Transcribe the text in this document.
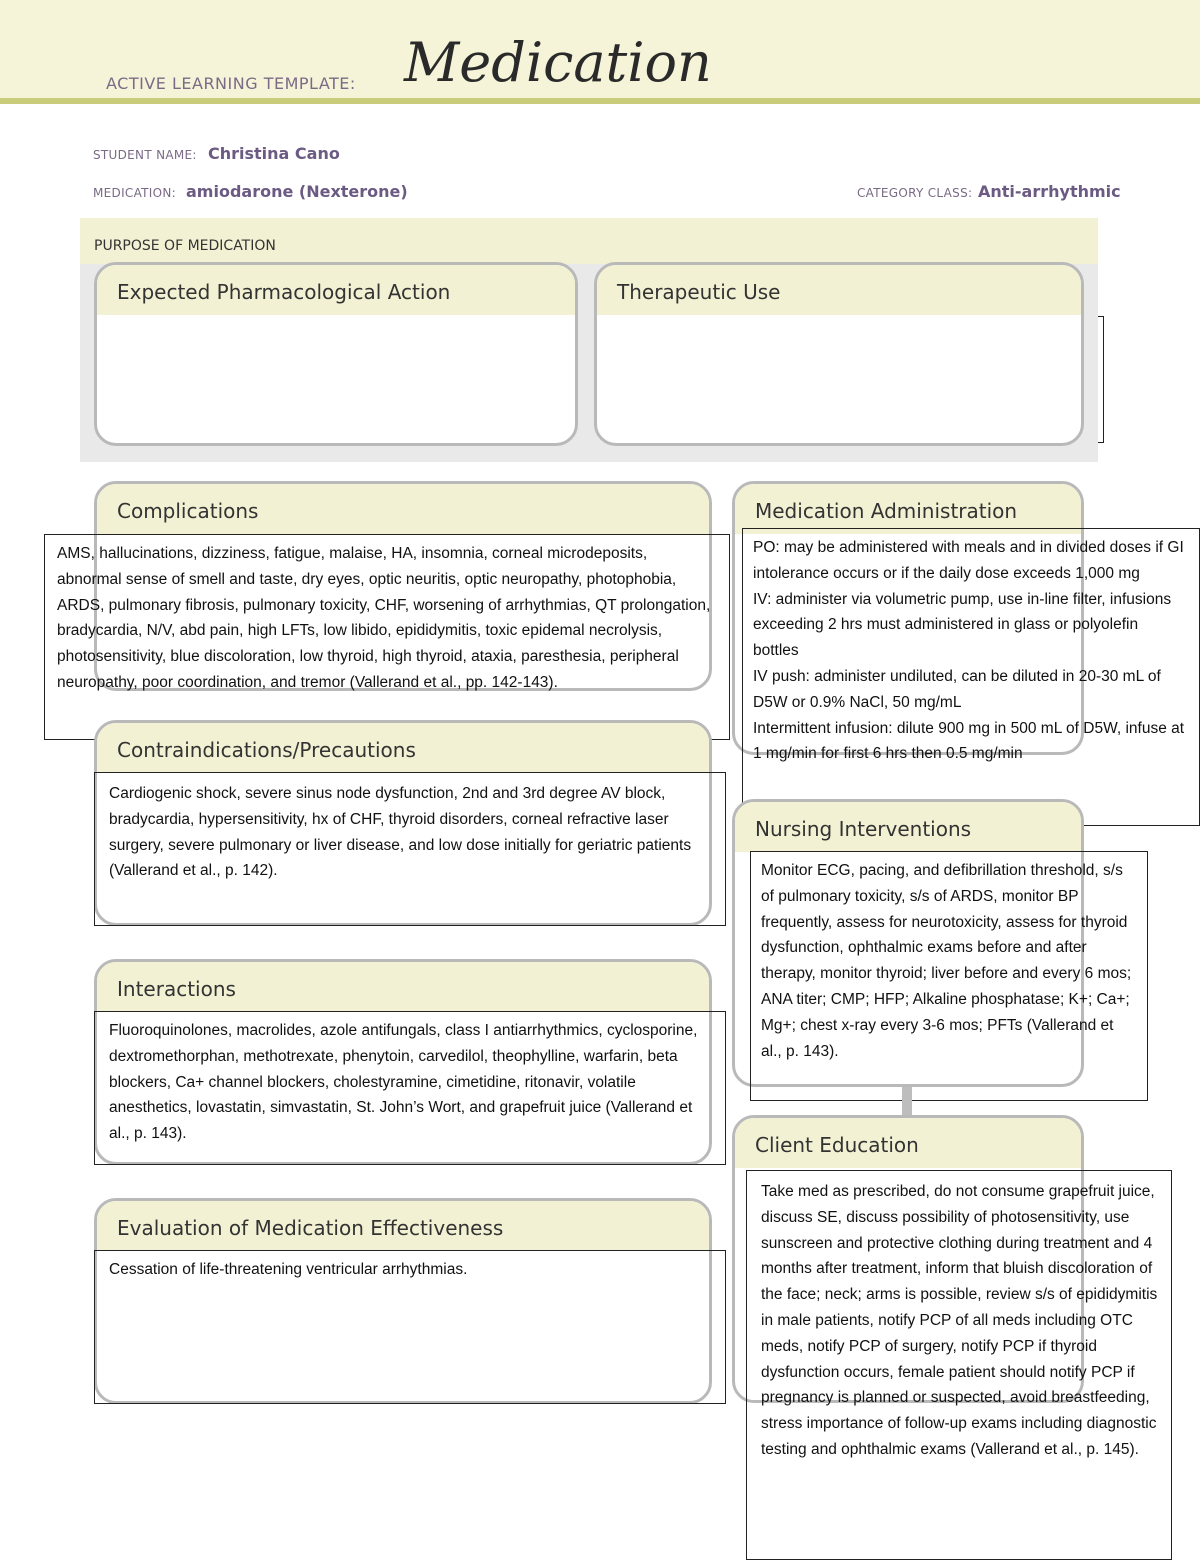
ACTIVE LEARNING TEMPLATE: Medication
STUDENT NAME: Christina Cano
MEDICATION: amiodarone (Nexterone)	CATEGORY CLASS: Anti-arrhythmic
PURPOSE OF MEDICATION
Expected Pharmacological Action	Therapeutic Use
Complications

AMS, hallucinations, dizziness, fatigue, malaise, HA, insomnia, corneal microdeposits, abnormal sense of smell and taste, dry eyes, optic neuritis, optic neuropathy, photophobia, ARDS, pulmonary fibrosis, pulmonary toxicity, CHF, worsening of arrhythmias, QT prolongation, bradycardia, N/V, abd pain, high LFTs, low libido, epididymitis, toxic epidemal necrolysis, photosensitivity, blue discoloration, low thyroid, high thyroid, ataxia, paresthesia, peripheral neuropathy, poor coordination, and tremor (Vallerand et al., pp. 142-143).

Contraindications/Precautions

Cardiogenic shock, severe sinus node dysfunction, 2nd and 3rd degree AV block, bradycardia, hypersensitivity, hx of CHF, thyroid disorders, corneal refractive laser surgery, severe pulmonary or liver disease, and low dose initially for geriatric patients (Vallerand et al., p. 142).

Interactions

Fluoroquinolones, macrolides, azole antifungals, class I antiarrhythmics, cyclosporine, dextromethorphan, methotrexate, phenytoin, carvedilol, theophylline, warfarin, beta blockers, Ca+ channel blockers, cholestyramine, cimetidine, ritonavir, volatile anesthetics, lovastatin, simvastatin, St. John’s Wort, and grapefruit juice (Vallerand et al., p. 143).

Evaluation of Medication Effectiveness

Cessation of life-threatening ventricular arrhythmias.

Medication Administration

PO: may be administered with meals and in divided doses if GI intolerance occurs or if the daily dose exceeds 1,000 mg

IV: administer via volumetric pump, use in-line filter, infusions exceeding 2 hrs must administered in glass or polyolefin bottles

IV push: administer undiluted, can be diluted in 20-30 mL of D5W or 0.9% NaCl, 50 mg/mL

Intermittent infusion: dilute 900 mg in 500 mL of D5W, infuse at 1 mg/min for first 6 hrs then 0.5 mg/min

Nursing Interventions

Monitor ECG, pacing, and defibrillation threshold, s/s of pulmonary toxicity, s/s of ARDS, monitor BP frequently, assess for neurotoxicity, assess for thyroid dysfunction, ophthalmic exams before and after therapy, monitor thyroid; liver before and every 6 mos; ANA titer; CMP; HFP; Alkaline phosphatase; K+; Ca+; Mg+; chest x-ray every 3-6 mos; PFTs (Vallerand et al., p. 143).

Client Education

Take med as prescribed, do not consume grapefruit juice, discuss SE, discuss possibility of photosensitivity, use sunscreen and protective clothing during treatment and 4 months after treatment, inform that bluish discoloration of the face; neck; arms is possible, review s/s of epididymitis in male patients, notify PCP of all meds including OTC meds, notify PCP of surgery, notify PCP if thyroid dysfunction occurs, female patient should notify PCP if pregnancy is planned or suspected, avoid breastfeeding, stress importance of follow-up exams including diagnostic testing and ophthalmic exams (Vallerand et al., p. 145).
